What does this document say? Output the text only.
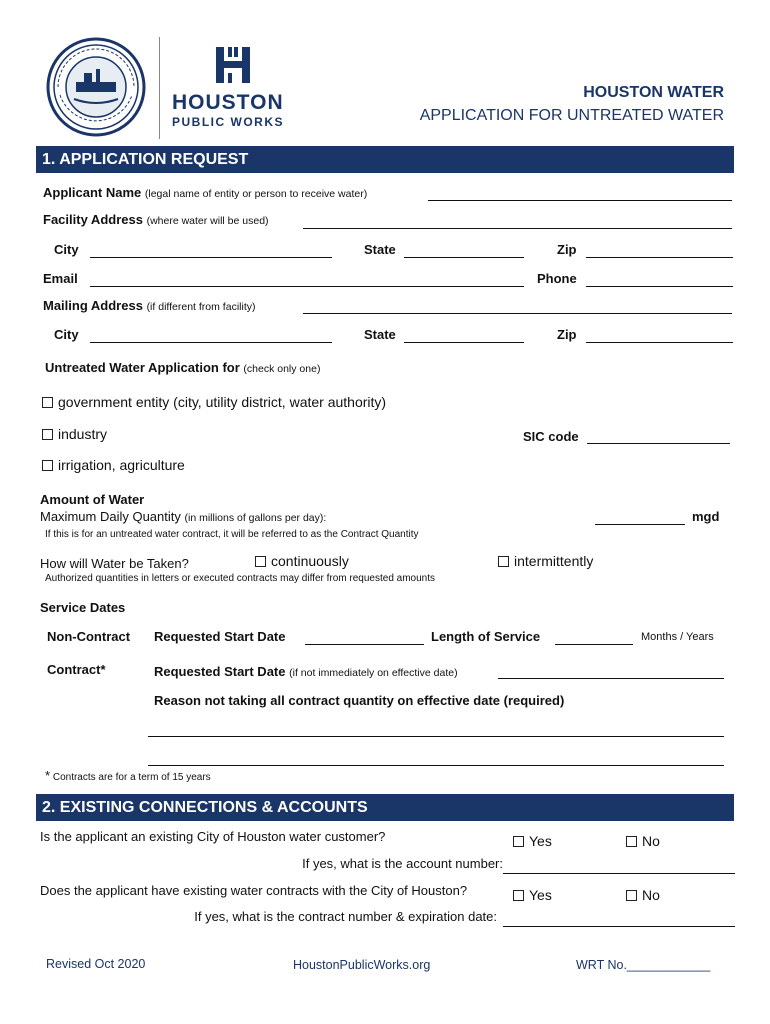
HOUSTON
PUBLIC WORKS
HOUSTON WATER
APPLICATION FOR UNTREATED WATER
1. APPLICATION REQUEST
Applicant Name (legal name of entity or person to receive water)
Facility Address (where water will be used)
City	State	Zip
Email	Phone
Mailing Address (if different from facility)
City	State	Zip
Untreated Water Application for (check only one)
government entity (city, utility district, water authority)
industry	SIC code
irrigation, agriculture
Amount of Water
Maximum Daily Quantity (in millions of gallons per day):	mgd
If this is for an untreated water contract, it will be referred to as the Contract Quantity
How will Water be Taken?	continuously	intermittently
Authorized quantities in letters or executed contracts may differ from requested amounts
Service Dates
Non-Contract Requested Start Date	Length of Service	Months / Years
Contract*	Requested Start Date (if not immediately on effective date)
Reason not taking all contract quantity on effective date (required)
* Contracts are for a term of 15 years
2. EXISTING CONNECTIONS & ACCOUNTS
Is the applicant an existing City of Houston water customer?	Yes	No
If yes, what is the account number:
Does the applicant have existing water contracts with the City of Houston?	Yes	No
If yes, what is the contract number & expiration date:
Revised Oct 2020	HoustonPublicWorks.org	WRT No.____________
